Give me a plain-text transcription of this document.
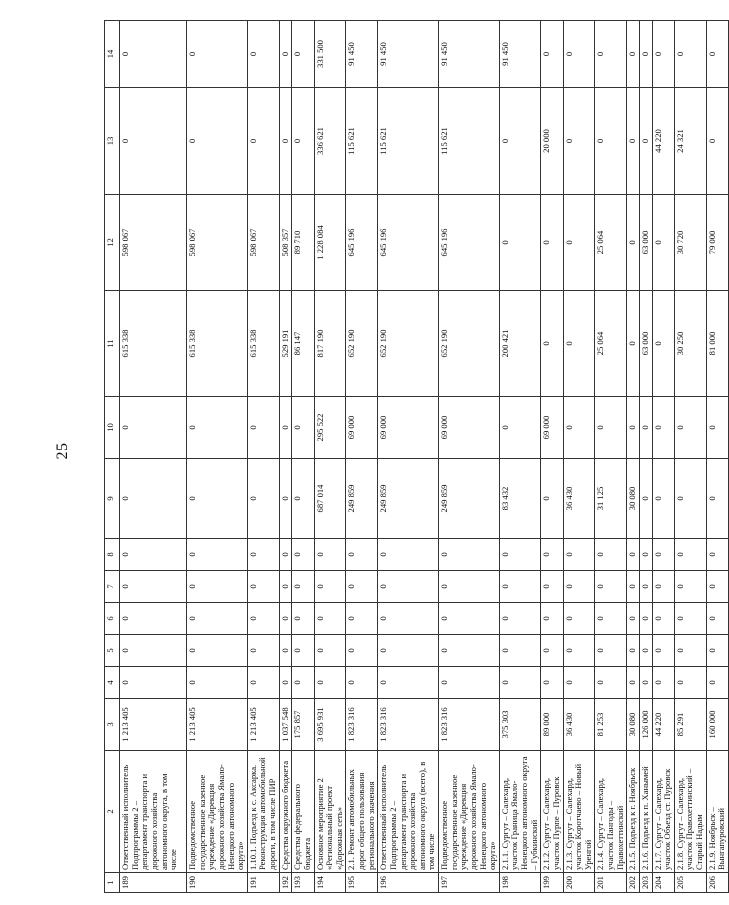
25
1	2	3	4	5	6	7	8	9	10	11	12	13	14
189	Ответственный исполнитель Подпрограммы 2 – департамент транспорта и дорожного хозяйства автономного округа, в том числе	1 213 405	0	0	0	0	0	0	0	615 338	598 067	0	0
190	Подведомственное государственное казенное учреждение «Дирекция дорожного хозяйства Ямало-Ненецкого автономного округа»	1 213 405	0	0	0	0	0	0	0	615 338	598 067	0	0
191	1.10.1. Подъезд к с. Аксарка. Реконструкция автомобильной дороги, в том числе ПИР	1 213 405	0	0	0	0	0	0	0	615 338	598 067	0	0
192	Средства окружного бюджета	1 037 548	0	0	0	0	0	0	0	529 191	508 357	0	0
193	Средства федерального бюджета	175 857	0	0	0	0	0	0	0	86 147	89 710	0	0
194	Основное мероприятие 2 «Региональный проект «Дорожная сеть»	3 695 931	0	0	0	0	0	687 014	295 522	817 190	1 228 084	336 621	331 500
195	2.1. Ремонт автомобильных дорог общего пользования регионального значения	1 823 316	0	0	0	0	0	249 859	69 000	652 190	645 196	115 621	91 450
196	Ответственный исполнитель Подпрограммы 2 – департамент транспорта и дорожного хозяйства автономного округа (всего), в том числе	1 823 316	0	0	0	0	0	249 859	69 000	652 190	645 196	115 621	91 450
197	Подведомственное государственное казенное учреждение «Дирекция дорожного хозяйства Ямало-Ненецкого автономного округа»	1 823 316	0	0	0	0	0	249 859	69 000	652 190	645 196	115 621	91 450
198	2.1.1. Сургут – Салехард, участок Граница Ямало-Ненецкого автономного округа – Губкинский	375 303	0	0	0	0	0	83 432	0	200 421	0	0	91 450
199	2.1.2. Сургут – Салехард, участок Пурпе – Пуровск	89 000	0	0	0	0	0	0	69 000	0	0	20 000	0
200	2.1.3. Сургут – Салехард, участок Коротчаево – Новый Уренгой	36 430	0	0	0	0	0	36 430	0	0	0	0	0
201	2.1.4. Сургут – Салехард, участок Пангоды – Правохеттинский	81 253	0	0	0	0	0	31 125	0	25 064	25 064	0	0
202	2.1.5. Подъезд к г. Ноябрьск	30 080	0	0	0	0	0	30 080	0	0	0	0	0
203	2.1.6. Подъезд к п. Ханымей	126 000	0	0	0	0	0	0	0	63 000	63 000	0	0
204	2.1.7. Сургут – Салехард, участок Объезд ст. Пуровск	44 220	0	0	0	0	0	0	0	0	0	44 220	0
205	2.1.8. Сургут – Салехард, участок Правохеттинский – Старый Надым	85 291	0	0	0	0	0	0	0	30 250	30 720	24 321	0
206	2.1.9. Ноябрьск – Вынгапуровский	160 000	0	0	0	0	0	0	0	81 000	79 000	0	0
